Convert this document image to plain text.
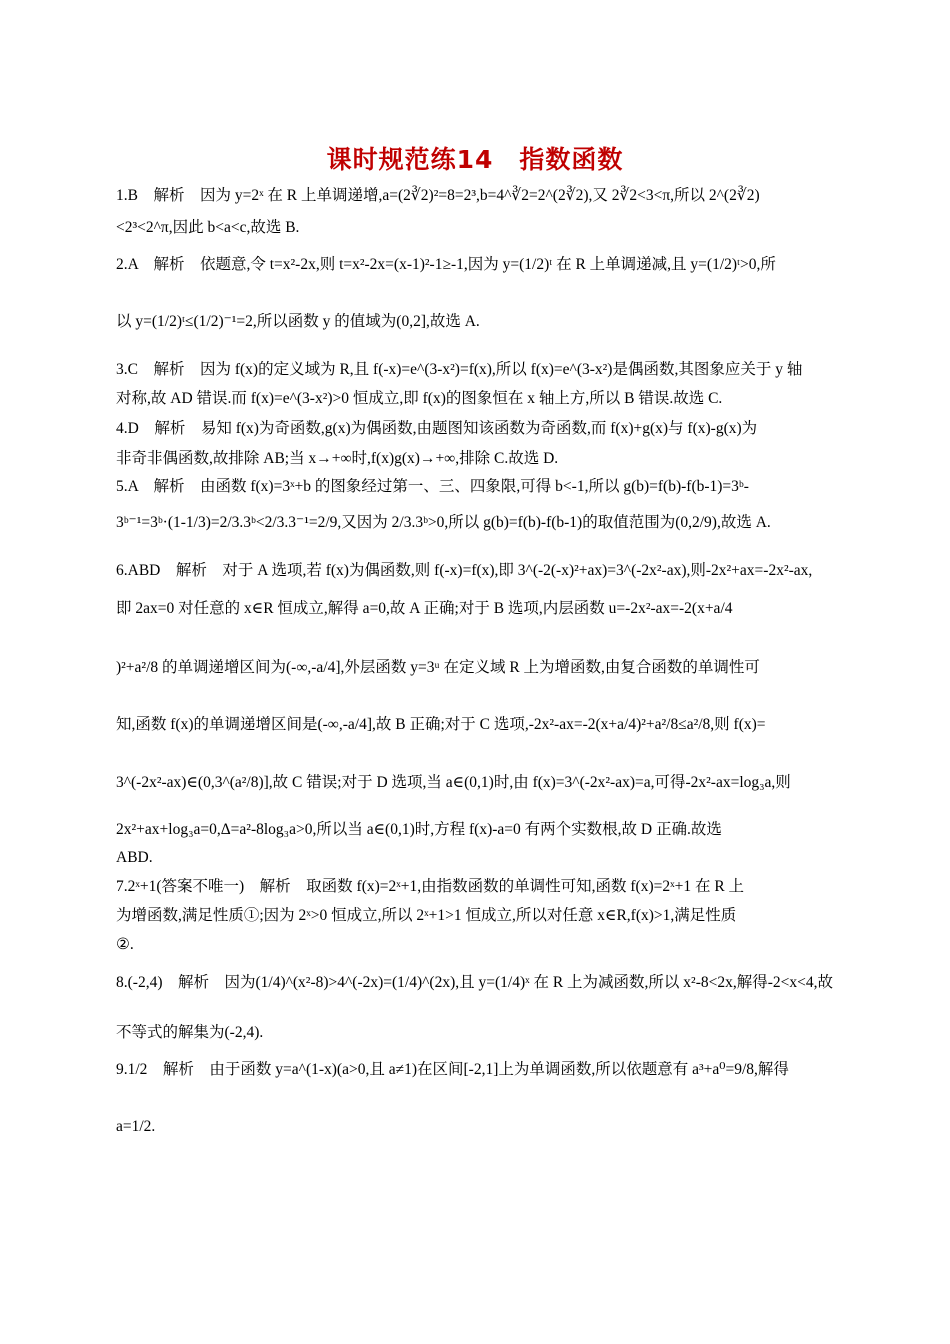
课时规范练14　指数函数
1.B　解析　因为 y=2ˣ 在 R 上单调递增,a=(2∛2)²=8=2³,b=4^∛2=2^(2∛2),又 2∛2<3<π,所以 2^(2∛2)
<2³<2^π,因此 b<a<c,故选 B.
2.A　解析　依题意,令 t=x²-2x,则 t=x²-2x=(x-1)²-1≥-1,因为 y=(1/2)ᵗ 在 R 上单调递减,且 y=(1/2)ᵗ>0,所
以 y=(1/2)ᵗ≤(1/2)⁻¹=2,所以函数 y 的值域为(0,2],故选 A.
3.C　解析　因为 f(x)的定义域为 R,且 f(-x)=e^(3-x²)=f(x),所以 f(x)=e^(3-x²)是偶函数,其图象应关于 y 轴
对称,故 AD 错误.而 f(x)=e^(3-x²)>0 恒成立,即 f(x)的图象恒在 x 轴上方,所以 B 错误.故选 C.
4.D　解析　易知 f(x)为奇函数,g(x)为偶函数,由题图知该函数为奇函数,而 f(x)+g(x)与 f(x)-g(x)为
非奇非偶函数,故排除 AB;当 x→+∞时,f(x)g(x)→+∞,排除 C.故选 D.
5.A　解析　由函数 f(x)=3ˣ+b 的图象经过第一、三、四象限,可得 b<-1,所以 g(b)=f(b)-f(b-1)=3ᵇ-
3ᵇ⁻¹=3ᵇ·(1-1/3)=2/3.3ᵇ<2/3.3⁻¹=2/9,又因为 2/3.3ᵇ>0,所以 g(b)=f(b)-f(b-1)的取值范围为(0,2/9),故选 A.
6.ABD　解析　对于 A 选项,若 f(x)为偶函数,则 f(-x)=f(x),即 3^(-2(-x)²+ax)=3^(-2x²-ax),则-2x²+ax=-2x²-ax,
即 2ax=0 对任意的 x∈R 恒成立,解得 a=0,故 A 正确;对于 B 选项,内层函数 u=-2x²-ax=-2(x+a/4
)²+a²/8 的单调递增区间为(-∞,-a/4],外层函数 y=3ᵘ 在定义域 R 上为增函数,由复合函数的单调性可
知,函数 f(x)的单调递增区间是(-∞,-a/4],故 B 正确;对于 C 选项,-2x²-ax=-2(x+a/4)²+a²/8≤a²/8,则 f(x)=
3^(-2x²-ax)∈(0,3^(a²/8)],故 C 错误;对于 D 选项,当 a∈(0,1)时,由 f(x)=3^(-2x²-ax)=a,可得-2x²-ax=log₃a,则
2x²+ax+log₃a=0,Δ=a²-8log₃a>0,所以当 a∈(0,1)时,方程 f(x)-a=0 有两个实数根,故 D 正确.故选
ABD.
7.2ˣ+1(答案不唯一)　解析　取函数 f(x)=2ˣ+1,由指数函数的单调性可知,函数 f(x)=2ˣ+1 在 R 上
为增函数,满足性质①;因为 2ˣ>0 恒成立,所以 2ˣ+1>1 恒成立,所以对任意 x∈R,f(x)>1,满足性质
②.
8.(-2,4)　解析　因为(1/4)^(x²-8)>4^(-2x)=(1/4)^(2x),且 y=(1/4)ˣ 在 R 上为减函数,所以 x²-8<2x,解得-2<x<4,故
不等式的解集为(-2,4).
9.1/2　解析　由于函数 y=a^(1-x)(a>0,且 a≠1)在区间[-2,1]上为单调函数,所以依题意有 a³+a⁰=9/8,解得
a=1/2.
